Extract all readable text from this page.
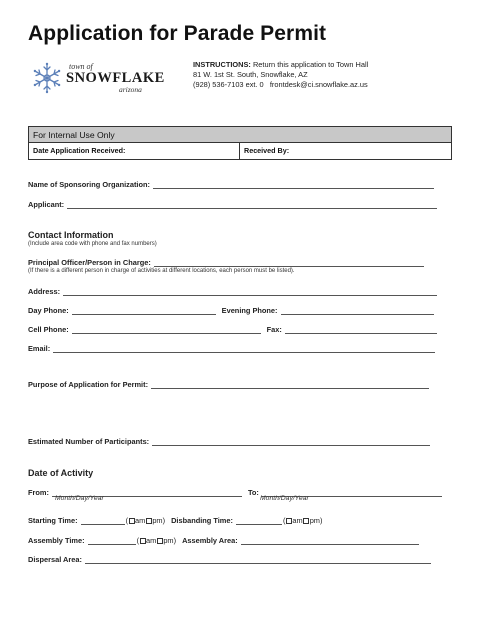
Application for Parade Permit
town of
SNOWFLAKE
arizona
INSTRUCTIONS: Return this application to Town Hall
81 W. 1st St. South, Snowflake, AZ
(928) 536-7103 ext. 0 frontdesk@ci.snowflake.az.us
For Internal Use Only
Date Application Received:	Received By:
Name of Sponsoring Organization:
Applicant:
Contact Information
(Include area code with phone and fax numbers)
Principal Officer/Person in Charge:
(If there is a different person in charge of activities at different locations, each person must be listed).
Address:
Day Phone:	Evening Phone:
Cell Phone:	Fax:
Email:
Purpose of Application for Permit:
Estimated Number of Participants:
Date of Activity
From:	To:
Month/Day/Year	Month/Day/Year
Starting Time:	( am pm ) Disbanding Time:	( am pm )
Assembly Time:	( am pm ) Assembly Area:
Dispersal Area:
